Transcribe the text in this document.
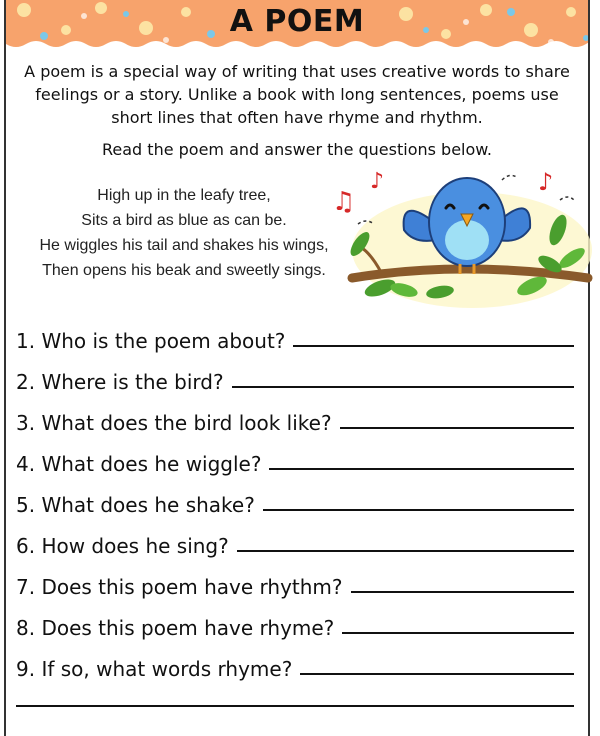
A POEM
A poem is a special way of writing that uses creative words to share feelings or a story. Unlike a book with long sentences, poems use short lines that often have rhyme and rhythm.
Read the poem and answer the questions below.
High up in the leafy tree,
Sits a bird as blue as can be.
He wiggles his tail and shakes his wings,
Then opens his beak and sweetly sings.
♫
♪	♪
1. Who is the poem about?
2. Where is the bird?
3. What does the bird look like?
4. What does he wiggle?
5. What does he shake?
6. How does he sing?
7. Does this poem have rhythm?
8. Does this poem have rhyme?
9. If so, what words rhyme?
